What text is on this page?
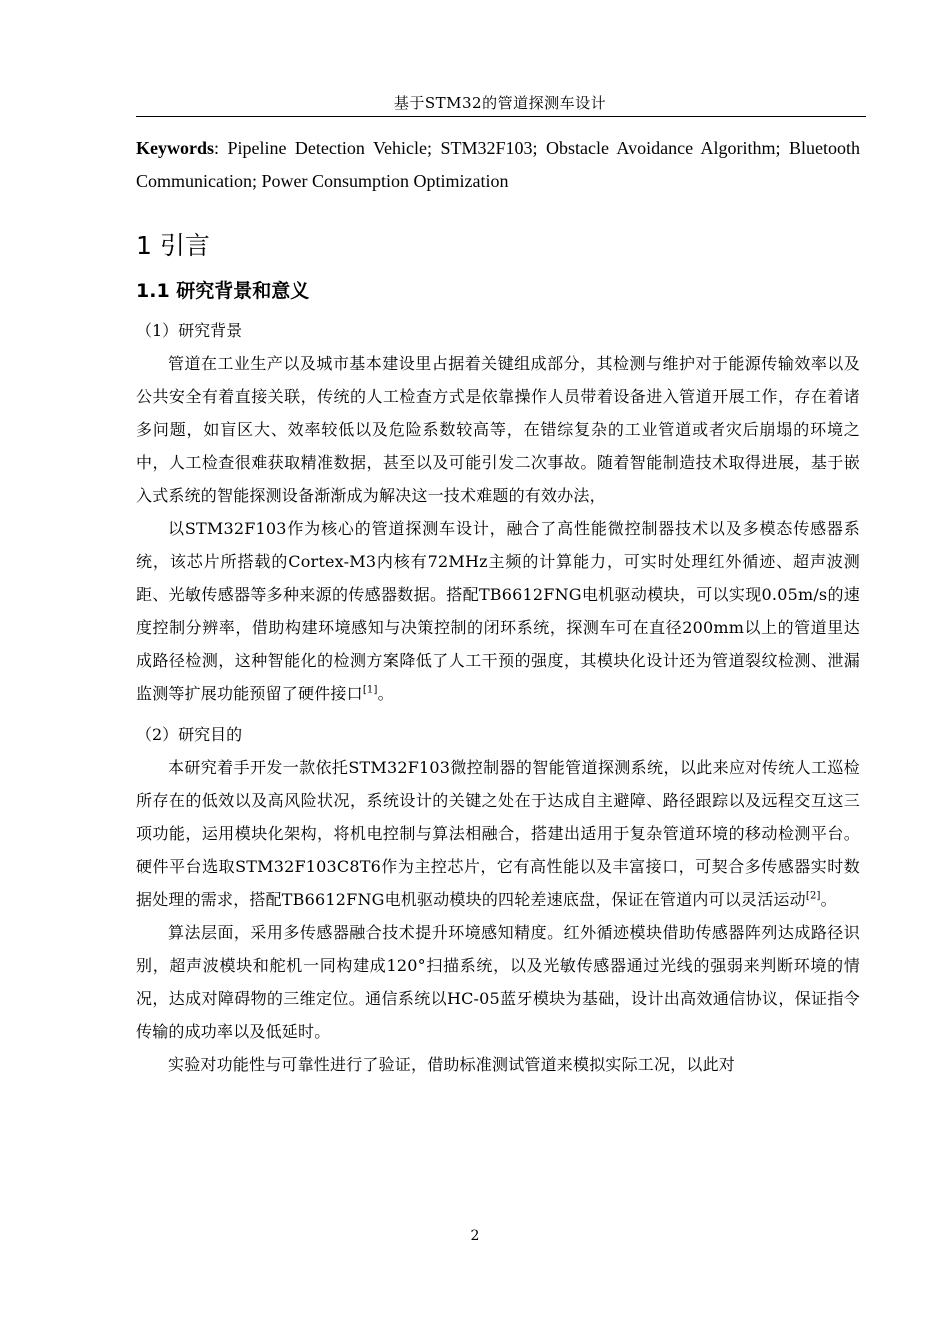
基于STM32的管道探测车设计

Keywords: Pipeline Detection Vehicle; STM32F103; Obstacle Avoidance Algorithm; Bluetooth Communication; Power Consumption Optimization

1 引言
1.1 研究背景和意义

（1）研究背景

管道在工业生产以及城市基本建设里占据着关键组成部分，其检测与维护对于能源传输效率以及公共安全有着直接关联，传统的人工检查方式是依靠操作人员带着设备进入管道开展工作，存在着诸多问题，如盲区大、效率较低以及危险系数较高等，在错综复杂的工业管道或者灾后崩塌的环境之中，人工检查很难获取精准数据，甚至以及可能引发二次事故。随着智能制造技术取得进展，基于嵌入式系统的智能探测设备渐渐成为解决这一技术难题的有效办法，

以STM32F103作为核心的管道探测车设计，融合了高性能微控制器技术以及多模态传感器系统，该芯片所搭载的Cortex-M3内核有72MHz主频的计算能力，可实时处理红外循迹、超声波测距、光敏传感器等多种来源的传感器数据。搭配TB6612FNG电机驱动模块，可以实现0.05m/s的速度控制分辨率，借助构建环境感知与决策控制的闭环系统，探测车可在直径200mm以上的管道里达成路径检测，这种智能化的检测方案降低了人工干预的强度，其模块化设计还为管道裂纹检测、泄漏监测等扩展功能预留了硬件接口[1]。

（2）研究目的

本研究着手开发一款依托STM32F103微控制器的智能管道探测系统，以此来应对传统人工巡检所存在的低效以及高风险状况，系统设计的关键之处在于达成自主避障、路径跟踪以及远程交互这三项功能，运用模块化架构，将机电控制与算法相融合，搭建出适用于复杂管道环境的移动检测平台。硬件平台选取STM32F103C8T6作为主控芯片，它有高性能以及丰富接口，可契合多传感器实时数据处理的需求，搭配TB6612FNG电机驱动模块的四轮差速底盘，保证在管道内可以灵活运动[2]。

算法层面，采用多传感器融合技术提升环境感知精度。红外循迹模块借助传感器阵列达成路径识别，超声波模块和舵机一同构建成120°扫描系统，以及光敏传感器通过光线的强弱来判断环境的情况，达成对障碍物的三维定位。通信系统以HC-05蓝牙模块为基础，设计出高效通信协议，保证指令传输的成功率以及低延时。

实验对功能性与可靠性进行了验证，借助标准测试管道来模拟实际工况，以此对

2
